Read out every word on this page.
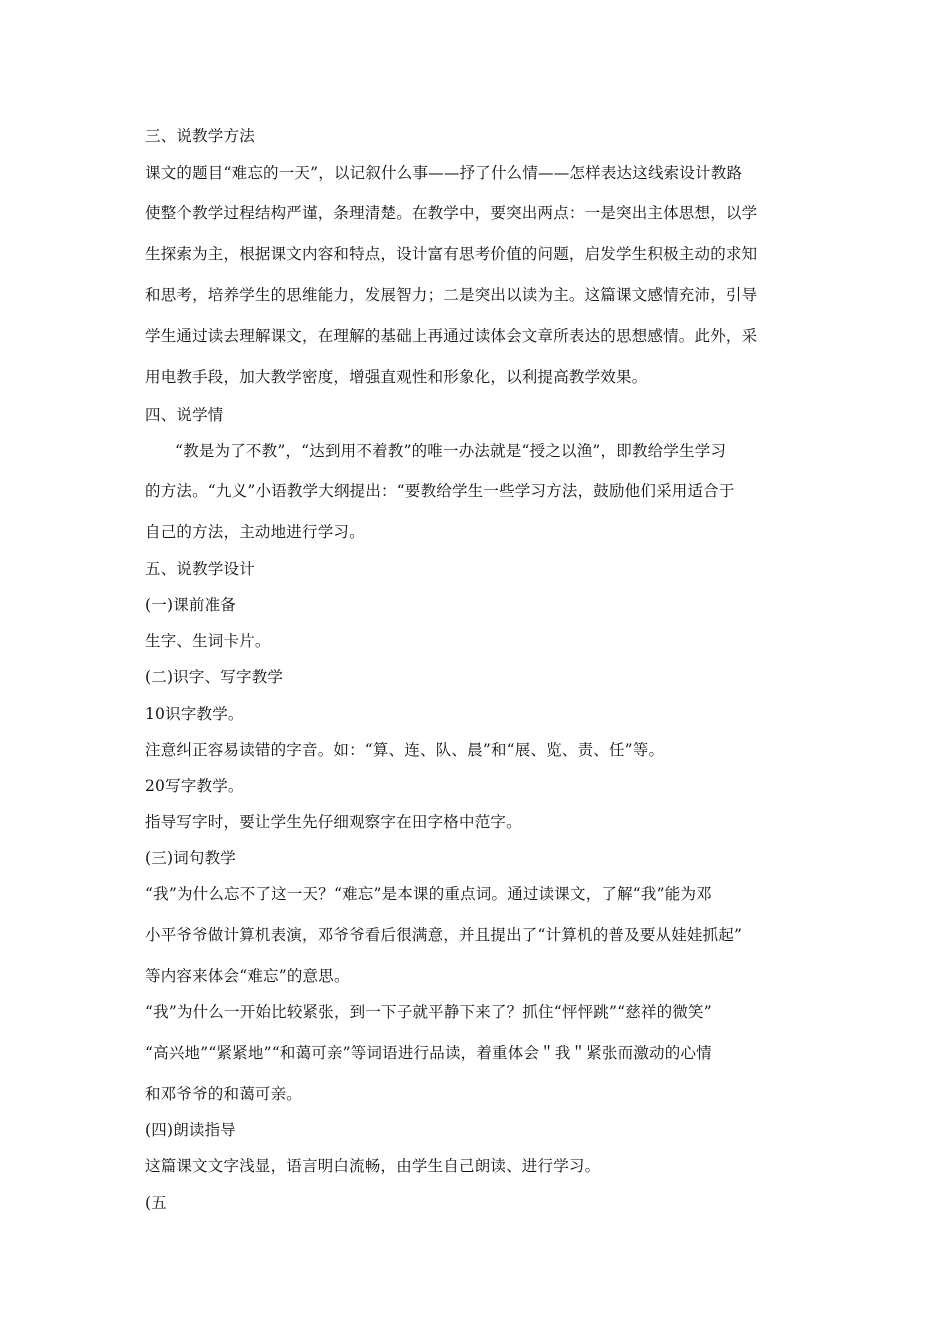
三、说教学方法
课文的题目“难忘的一天”，以记叙什么事——抒了什么情——怎样表达这线索设计教路
使整个教学过程结构严谨，条理清楚。在教学中，要突出两点：一是突出主体思想，以学
生探索为主，根据课文内容和特点，设计富有思考价值的问题，启发学生积极主动的求知
和思考，培养学生的思维能力，发展智力；二是突出以读为主。这篇课文感情充沛，引导
学生通过读去理解课文，在理解的基础上再通过读体会文章所表达的思想感情。此外，采
用电教手段，加大教学密度，增强直观性和形象化，以利提高教学效果。
四、说学情
“教是为了不教”，“达到用不着教”的唯一办法就是“授之以渔”，即教给学生学习
的方法。“九义”小语教学大纲提出：“要教给学生一些学习方法，鼓励他们采用适合于
自己的方法，主动地进行学习。
五、说教学设计
(一)课前准备
生字、生词卡片。
(二)识字、写字教学
10识字教学。
注意纠正容易读错的字音。如：“算、连、队、晨”和“展、览、责、任”等。
20写字教学。
指导写字时，要让学生先仔细观察字在田字格中范字。
(三)词句教学
“我”为什么忘不了这一天？“难忘”是本课的重点词。通过读课文，了解“我”能为邓
小平爷爷做计算机表演，邓爷爷看后很满意，并且提出了“计算机的普及要从娃娃抓起”
等内容来体会“难忘”的意思。
“我”为什么一开始比较紧张，到一下子就平静下来了？抓住“怦怦跳”“慈祥的微笑”
“高兴地”“紧紧地”“和蔼可亲”等词语进行品读，着重体会＂我＂紧张而激动的心情
和邓爷爷的和蔼可亲。
(四)朗读指导
这篇课文文字浅显，语言明白流畅，由学生自己朗读、进行学习。
(五
